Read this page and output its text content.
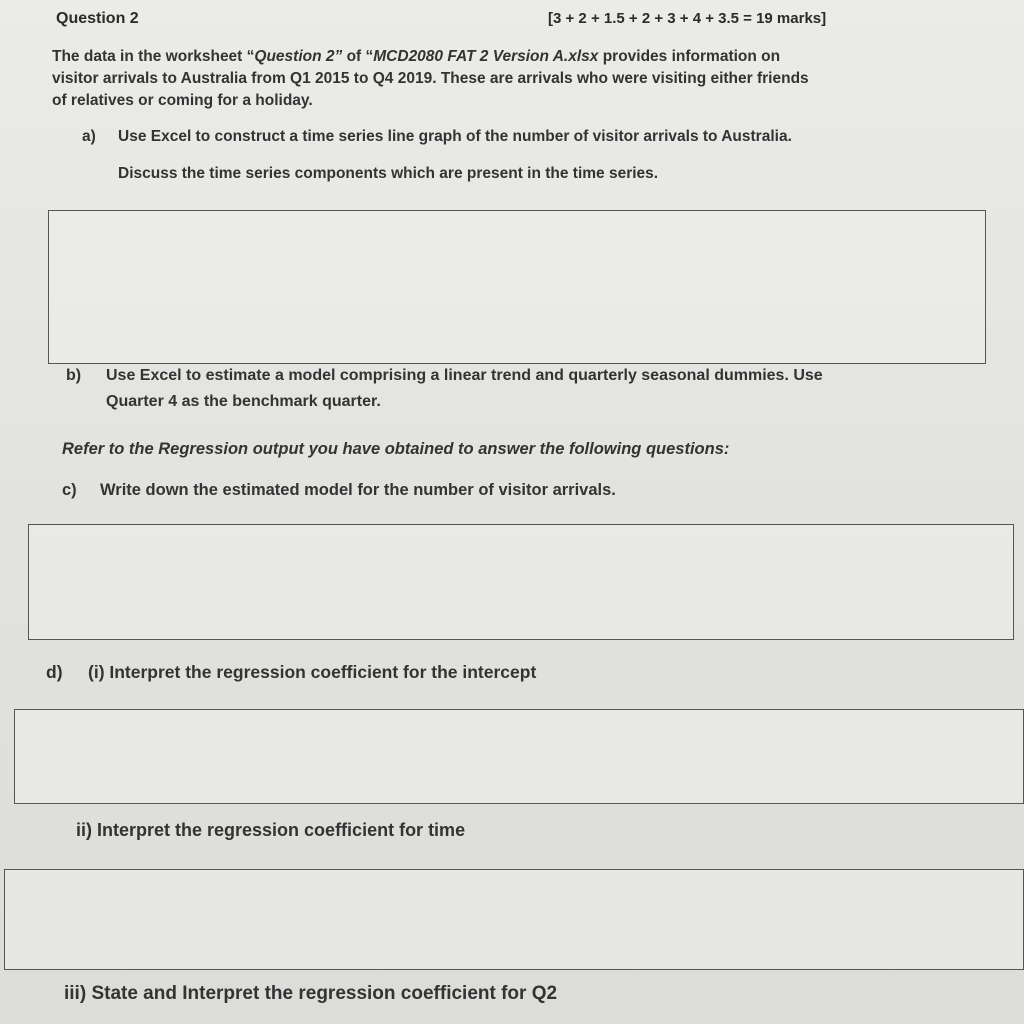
Question 2	[3 + 2 + 1.5 + 2 + 3 + 4 + 3.5 = 19 marks]
The data in the worksheet “Question 2” of “MCD2080 FAT 2 Version A.xlsx provides information on
visitor arrivals to Australia from Q1 2015 to Q4 2019. These are arrivals who were visiting either friends
of relatives or coming for a holiday.
a) Use Excel to construct a time series line graph of the number of visitor arrivals to Australia.
Discuss the time series components which are present in the time series.
b) Use Excel to estimate a model comprising a linear trend and quarterly seasonal dummies. Use
Quarter 4 as the benchmark quarter.
Refer to the Regression output you have obtained to answer the following questions:
c) Write down the estimated model for the number of visitor arrivals.
d) (i) Interpret the regression coefficient for the intercept
ii) Interpret the regression coefficient for time
iii) State and Interpret the regression coefficient for Q2
